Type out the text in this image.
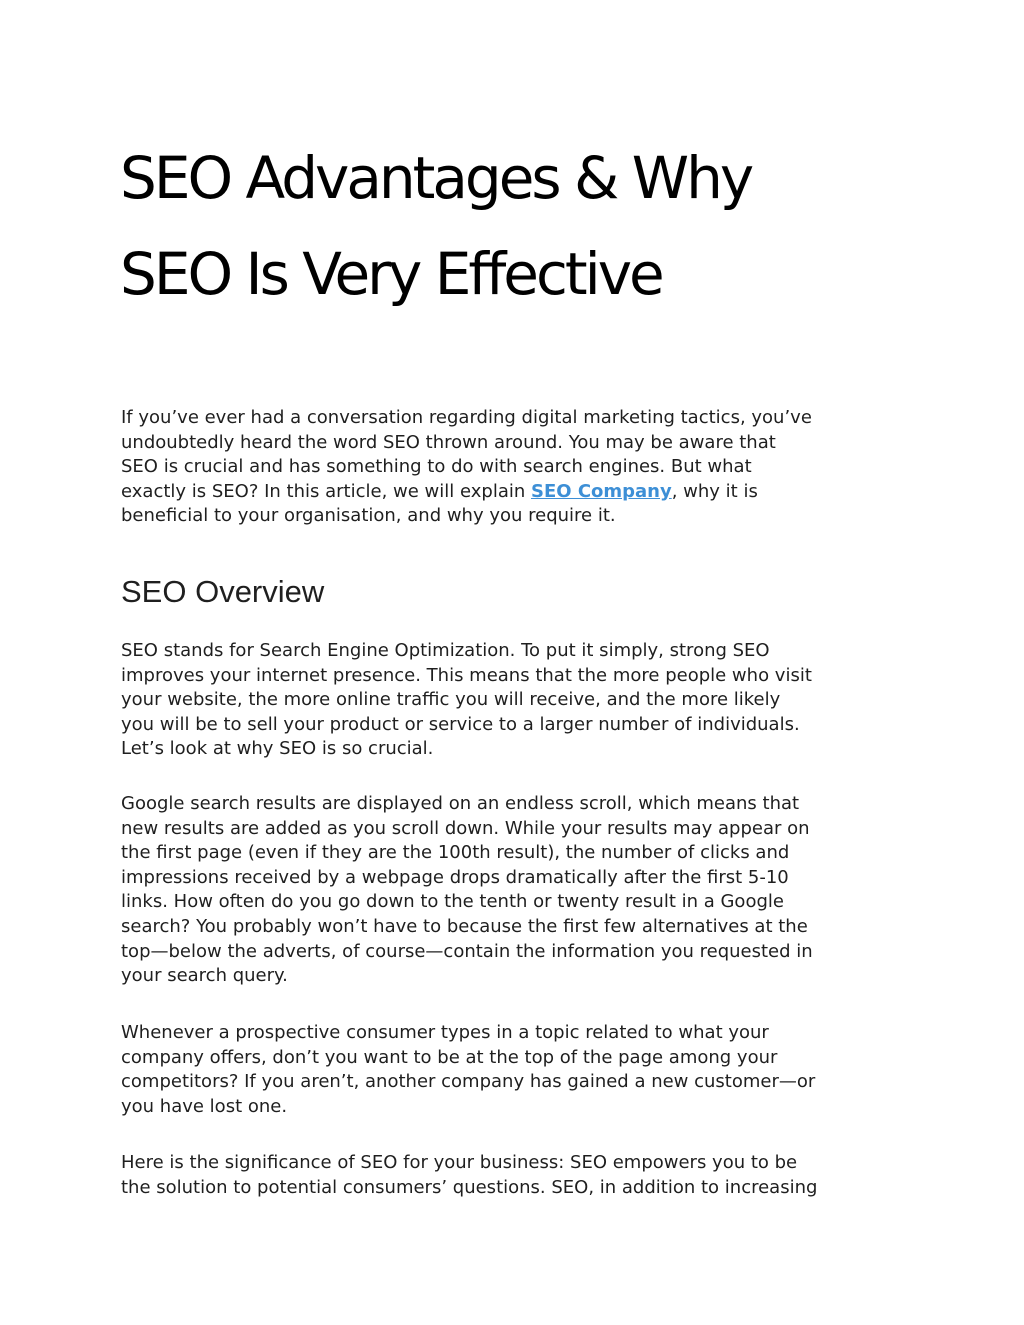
SEO Advantages & Why
SEO Is Very Effective

If you’ve ever had a conversation regarding digital marketing tactics, you’ve
undoubtedly heard the word SEO thrown around. You may be aware that
SEO is crucial and has something to do with search engines. But what
exactly is SEO? In this article, we will explain SEO Company, why it is
beneficial to your organisation, and why you require it.

SEO Overview

SEO stands for Search Engine Optimization. To put it simply, strong SEO
improves your internet presence. This means that the more people who visit
your website, the more online traffic you will receive, and the more likely
you will be to sell your product or service to a larger number of individuals.
Let’s look at why SEO is so crucial.

Google search results are displayed on an endless scroll, which means that
new results are added as you scroll down. While your results may appear on
the first page (even if they are the 100th result), the number of clicks and
impressions received by a webpage drops dramatically after the first 5-10
links. How often do you go down to the tenth or twenty result in a Google
search? You probably won’t have to because the first few alternatives at the
top—below the adverts, of course—contain the information you requested in
your search query.

Whenever a prospective consumer types in a topic related to what your
company offers, don’t you want to be at the top of the page among your
competitors? If you aren’t, another company has gained a new customer—or
you have lost one.

Here is the significance of SEO for your business: SEO empowers you to be
the solution to potential consumers’ questions. SEO, in addition to increasing
